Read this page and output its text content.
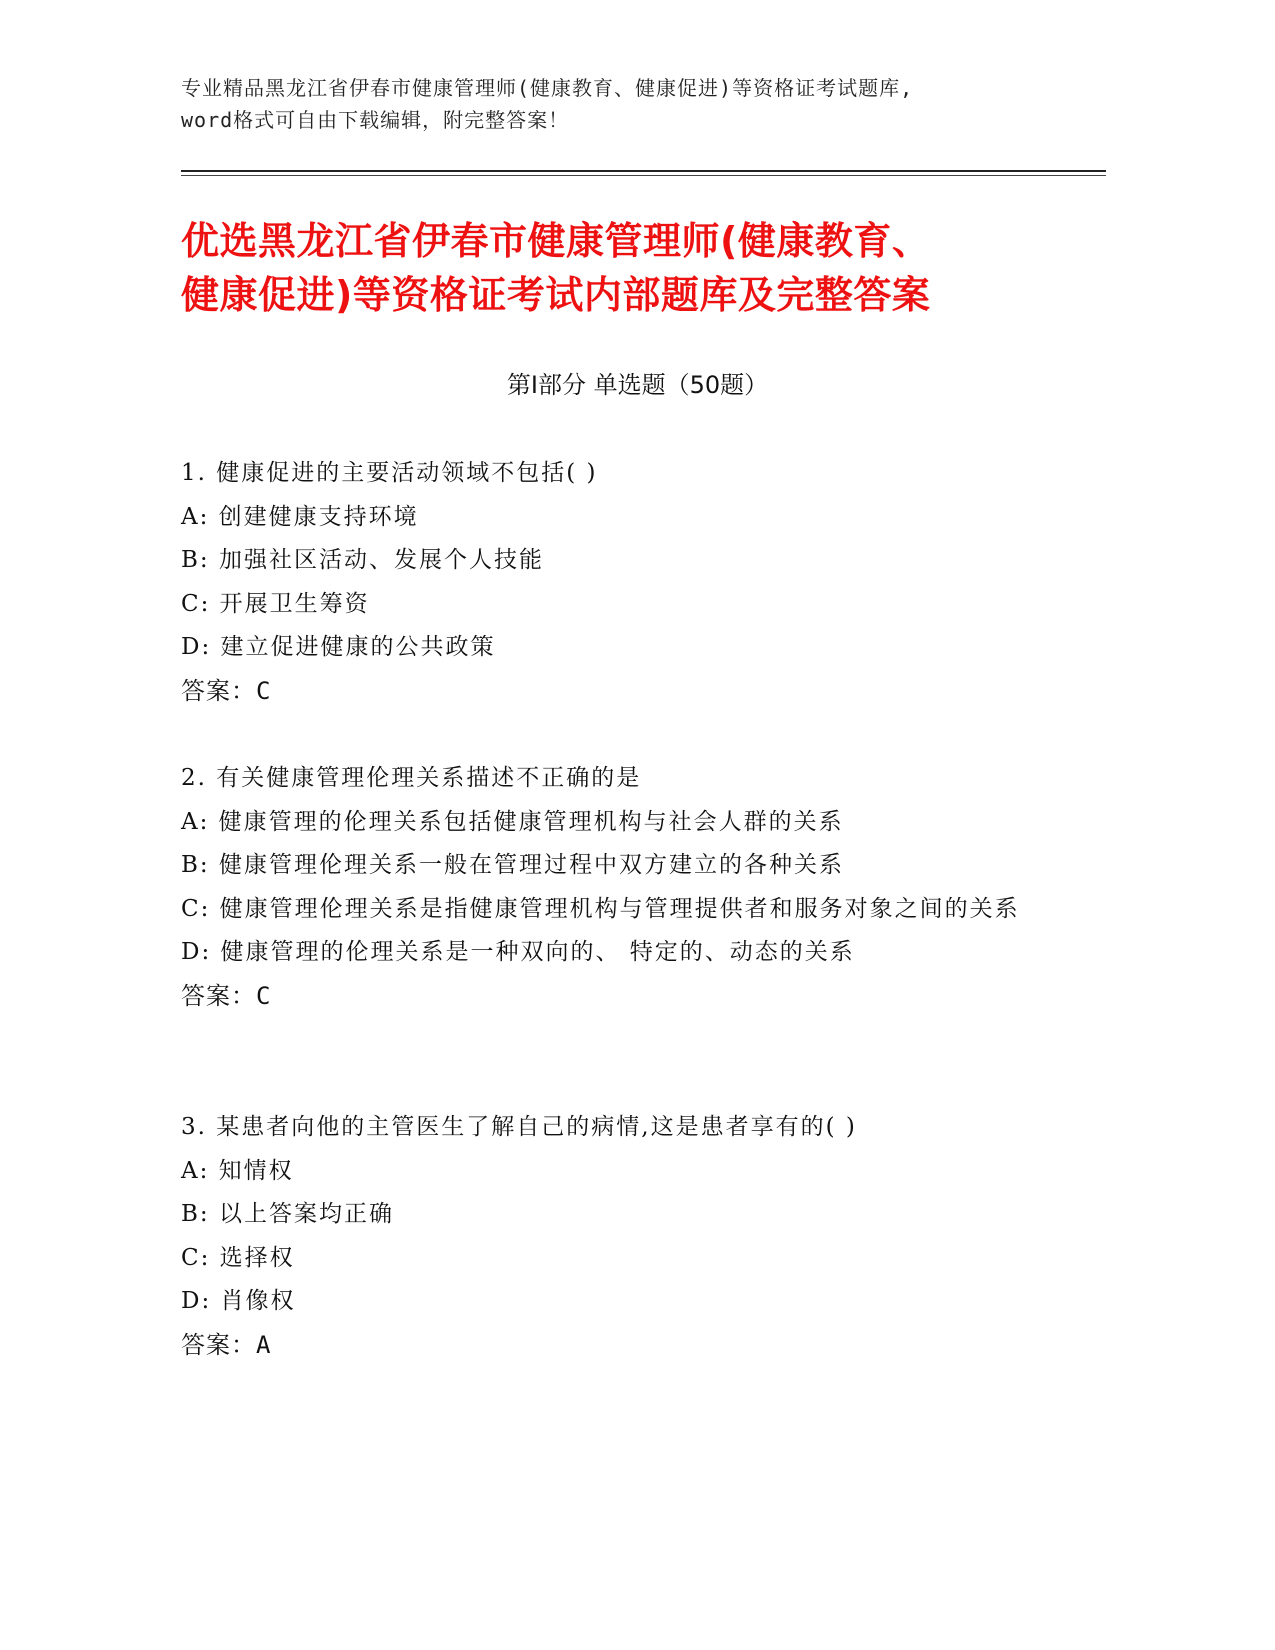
专业精品黑龙江省伊春市健康管理师(健康教育、健康促进)等资格证考试题库,
word格式可自由下载编辑，附完整答案！
优选黑龙江省伊春市健康管理师(健康教育、
健康促进)等资格证考试内部题库及完整答案
第Ⅰ部分 单选题（50题）
1. 健康促进的主要活动领域不包括( )
A: 创建健康支持环境
B: 加强社区活动、发展个人技能
C: 开展卫生筹资
D: 建立促进健康的公共政策
答案：C
2. 有关健康管理伦理关系描述不正确的是
A: 健康管理的伦理关系包括健康管理机构与社会人群的关系
B: 健康管理伦理关系一般在管理过程中双方建立的各种关系
C: 健康管理伦理关系是指健康管理机构与管理提供者和服务对象之间的关系
D: 健康管理的伦理关系是一种双向的、 特定的、动态的关系
答案：C
3. 某患者向他的主管医生了解自己的病情,这是患者享有的( )
A: 知情权
B: 以上答案均正确
C: 选择权
D: 肖像权
答案：A
